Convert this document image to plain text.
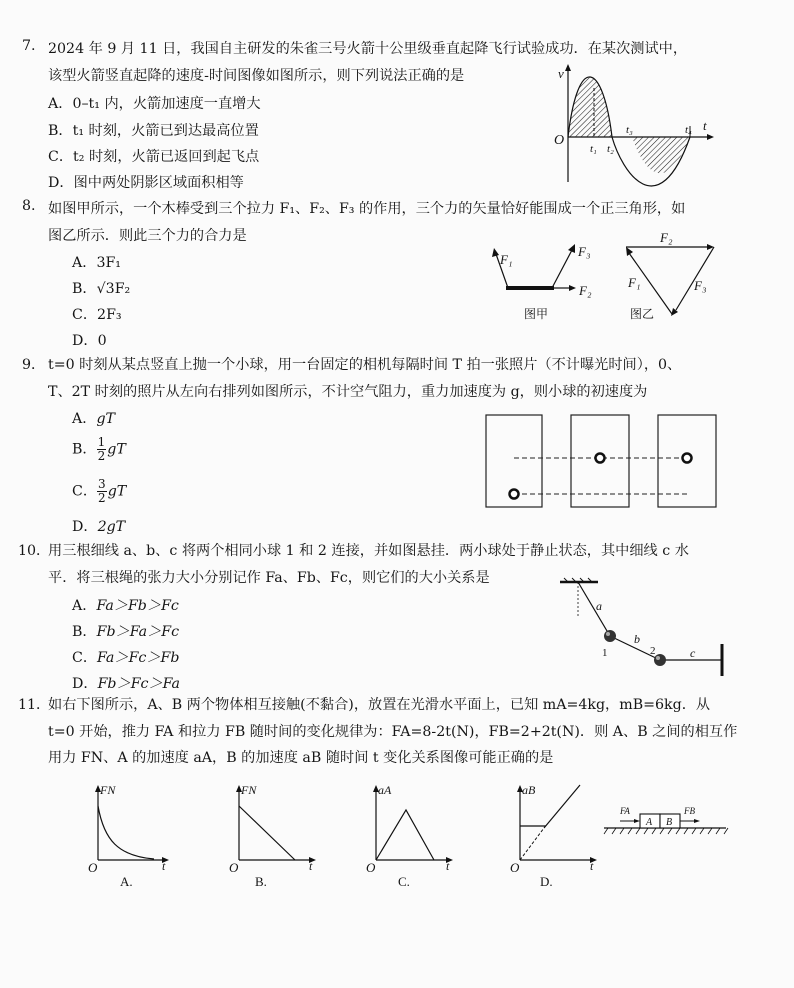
7. 2024 年 9 月 11 日，我国自主研发的朱雀三号火箭十公里级垂直起降飞行试验成功．在某次测试中，
该型火箭竖直起降的速度-时间图像如图所示，则下列说法正确的是
A．0–t₁ 内，火箭加速度一直增大
B．t₁ 时刻，火箭已到达最高位置
C．t₂ 时刻，火箭已返回到起飞点
D．图中两处阴影区域面积相等
v
t
O
t₁ t₂
t₃	t₄
8. 如图甲所示，一个木棒受到三个拉力 F₁、F₂、F₃ 的作用，三个力的矢量恰好能围成一个正三角形，如
图乙所示．则此三个力的合力是
A．3F₁
B．√3F₂
C．2F₃
D．0
F₁
F₃
F₂
图甲
F₂
F₁	F₃
图乙
9． t=0 时刻从某点竖直上抛一个小球，用一台固定的相机每隔时间 T 拍一张照片（不计曝光时间），0、
T、2T 时刻的照片从左向右排列如图所示，不计空气阻力，重力加速度为 g，则小球的初速度为
A．gT
B． $\frac{1}{2}$ gT
C． $\frac{3}{2}$ gT
D．2gT
10．
用三根细线 a、b、c 将两个相同小球 1 和 2 连接，并如图悬挂．两小球处于静止状态，其中细线 c 水
平．将三根绳的张力大小分别记作 Fa、Fb、Fc，则它们的大小关系是
A．Fa＞Fb＞Fc
B．Fb＞Fa＞Fc
C．Fa＞Fc＞Fb
D．Fb＞Fc＞Fa
a
b
c
1	2
11．
如右下图所示，A、B 两个物体相互接触(不黏合)，放置在光滑水平面上，已知 mA=4kg，mB=6kg．从
t=0 开始，推力 FA 和拉力 FB 随时间的变化规律为：FA=8-2t(N)，FB=2+2t(N)．则 A、B 之间的相互作
用力 FN、A 的加速度 aA，B 的加速度 aB 随时间 t 变化关系图像可能正确的是
FN
O	t
A.
FN
O	t
B.
aA
O	t
C.
aB
O	t
D.
A B
FA	FB
